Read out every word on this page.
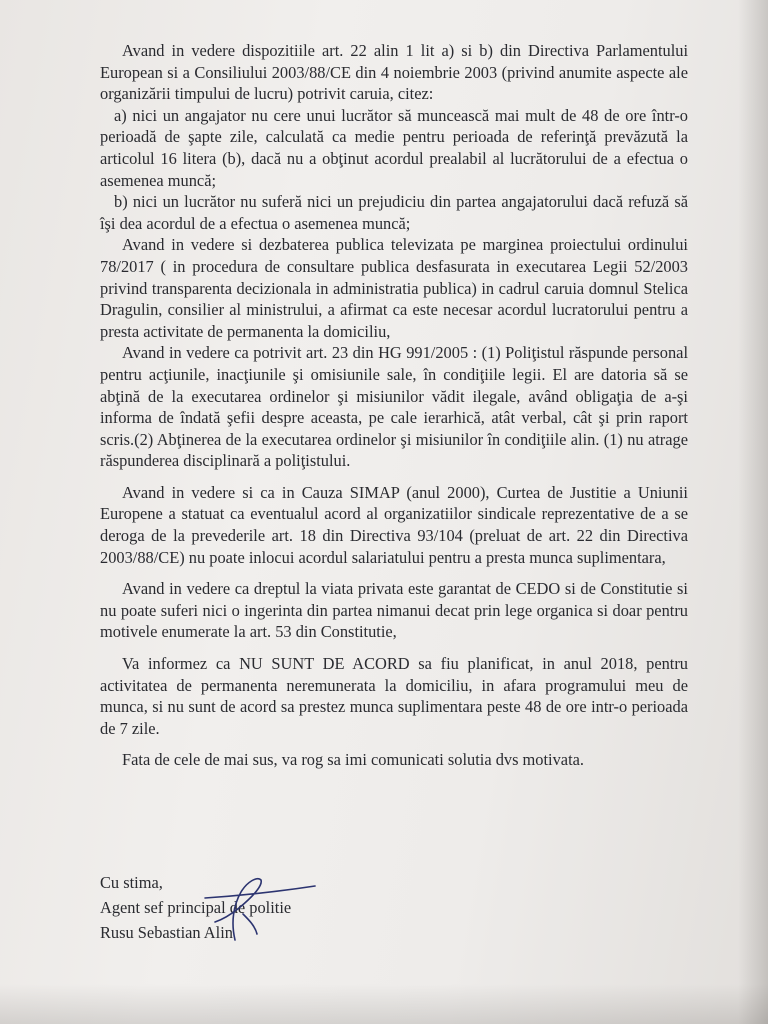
Avand in vedere dispozitiile art. 22 alin 1 lit a) si b) din Directiva Parlamentului European si a Consiliului 2003/88/CE din 4 noiembrie 2003 (privind anumite aspecte ale organizării timpului de lucru) potrivit caruia, citez:

a) nici un angajator nu cere unui lucrător să muncească mai mult de 48 de ore într-o perioadă de şapte zile, calculată ca medie pentru perioada de referinţă prevăzută la articolul 16 litera (b), dacă nu a obţinut acordul prealabil al lucrătorului de a efectua o asemenea muncă;

b) nici un lucrător nu suferă nici un prejudiciu din partea angajatorului dacă refuză să îşi dea acordul de a efectua o asemenea muncă;

Avand in vedere si dezbaterea publica televizata pe marginea proiectului ordinului 78/2017 ( in procedura de consultare publica desfasurata in executarea Legii 52/2003 privind transparenta decizionala in administratia publica) in cadrul caruia domnul Stelica Dragulin, consilier al ministrului, a afirmat ca este necesar acordul lucratorului pentru a presta activitate de permanenta la domiciliu,

Avand in vedere ca potrivit art. 23 din HG 991/2005 : (1) Poliţistul răspunde personal pentru acţiunile, inacţiunile şi omisiunile sale, în condiţiile legii. El are datoria să se abţină de la executarea ordinelor şi misiunilor vădit ilegale, având obligaţia de a-şi informa de îndată şefii despre aceasta, pe cale ierarhică, atât verbal, cât şi prin raport scris.(2) Abţinerea de la executarea ordinelor şi misiunilor în condiţiile alin. (1) nu atrage răspunderea disciplinară a poliţistului.

Avand in vedere si ca in Cauza SIMAP (anul 2000), Curtea de Justitie a Uniunii Europene a statuat ca eventualul acord al organizatiilor sindicale reprezentative de a se deroga de la prevederile art. 18 din Directiva 93/104 (preluat de art. 22 din Directiva 2003/88/CE) nu poate inlocui acordul salariatului pentru a presta munca suplimentara,

Avand in vedere ca dreptul la viata privata este garantat de CEDO si de Constitutie si nu poate suferi nici o ingerinta din partea nimanui decat prin lege organica si doar pentru motivele enumerate la art. 53 din Constitutie,

Va informez ca NU SUNT DE ACORD sa fiu planificat, in anul 2018, pentru activitatea de permanenta neremunerata la domiciliu, in afara programului meu de munca, si nu sunt de acord sa prestez munca suplimentara peste 48 de ore intr-o perioada de 7 zile.

Fata de cele de mai sus, va rog sa imi comunicati solutia dvs motivata.

Cu stima,
Agent sef principal de politie
Rusu Sebastian Alin
